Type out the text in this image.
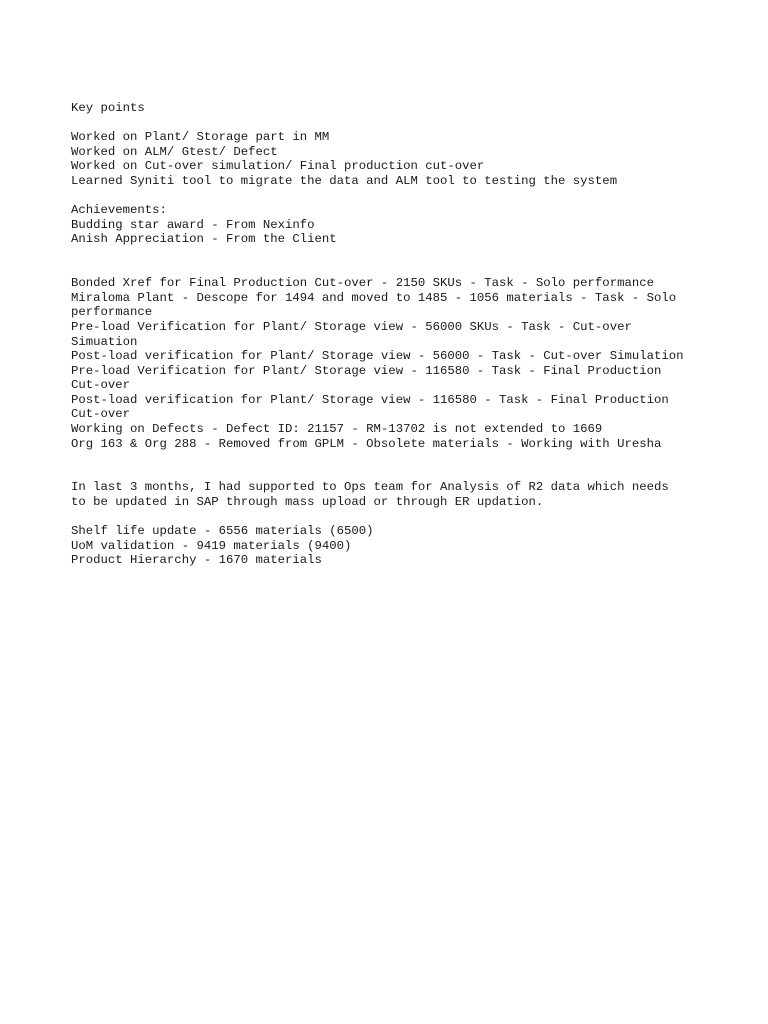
Key points
Worked on Plant/ Storage part in MM
Worked on ALM/ Gtest/ Defect
Worked on Cut-over simulation/ Final production cut-over
Learned Syniti tool to migrate the data and ALM tool to testing the system
Achievements:
Budding star award - From Nexinfo
Anish Appreciation - From the Client
Bonded Xref for Final Production Cut-over - 2150 SKUs - Task - Solo performance
Miraloma Plant - Descope for 1494 and moved to 1485 - 1056 materials - Task - Solo
performance
Pre-load Verification for Plant/ Storage view - 56000 SKUs - Task - Cut-over
Simuation
Post-load verification for Plant/ Storage view - 56000 - Task - Cut-over Simulation
Pre-load Verification for Plant/ Storage view - 116580 - Task - Final Production
Cut-over
Post-load verification for Plant/ Storage view - 116580 - Task - Final Production
Cut-over
Working on Defects - Defect ID: 21157 - RM-13702 is not extended to 1669
Org 163 & Org 288 - Removed from GPLM - Obsolete materials - Working with Uresha
In last 3 months, I had supported to Ops team for Analysis of R2 data which needs
to be updated in SAP through mass upload or through ER updation.
Shelf life update - 6556 materials (6500)
UoM validation - 9419 materials (9400)
Product Hierarchy - 1670 materials
